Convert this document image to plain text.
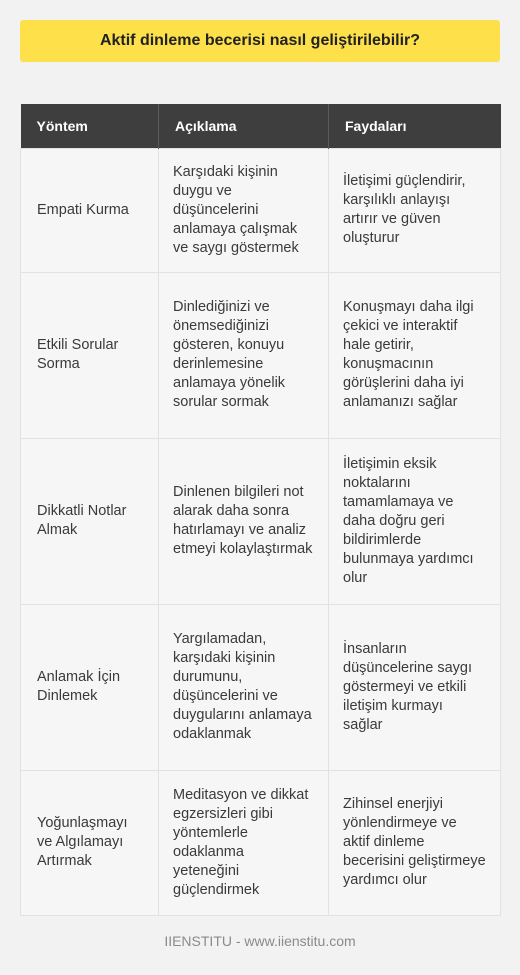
Aktif dinleme becerisi nasıl geliştirilebilir?
Yöntem	Açıklama	Faydaları
Empati Kurma	Karşıdaki kişinin duygu ve düşüncelerini anlamaya çalışmak ve saygı göstermek	İletişimi güçlendirir, karşılıklı anlayışı artırır ve güven oluşturur
Etkili Sorular Sorma	Dinlediğinizi ve önemsediğinizi gösteren, konuyu derinlemesine anlamaya yönelik sorular sormak	Konuşmayı daha ilgi çekici ve interaktif hale getirir, konuşmacının görüşlerini daha iyi anlamanızı sağlar
Dikkatli Notlar Almak	Dinlenen bilgileri not alarak daha sonra hatırlamayı ve analiz etmeyi kolaylaştırmak	İletişimin eksik noktalarını tamamlamaya ve daha doğru geri bildirimlerde bulunmaya yardımcı olur
Anlamak İçin Dinlemek	Yargılamadan, karşıdaki kişinin durumunu, düşüncelerini ve duygularını anlamaya odaklanmak	İnsanların düşüncelerine saygı göstermeyi ve etkili iletişim kurmayı sağlar
Yoğunlaşmayı ve Algılamayı Artırmak	Meditasyon ve dikkat egzersizleri gibi yöntemlerle odaklanma yeteneğini güçlendirmek	Zihinsel enerjiyi yönlendirmeye ve aktif dinleme becerisini geliştirmeye yardımcı olur
IIENSTITU - www.iienstitu.com
